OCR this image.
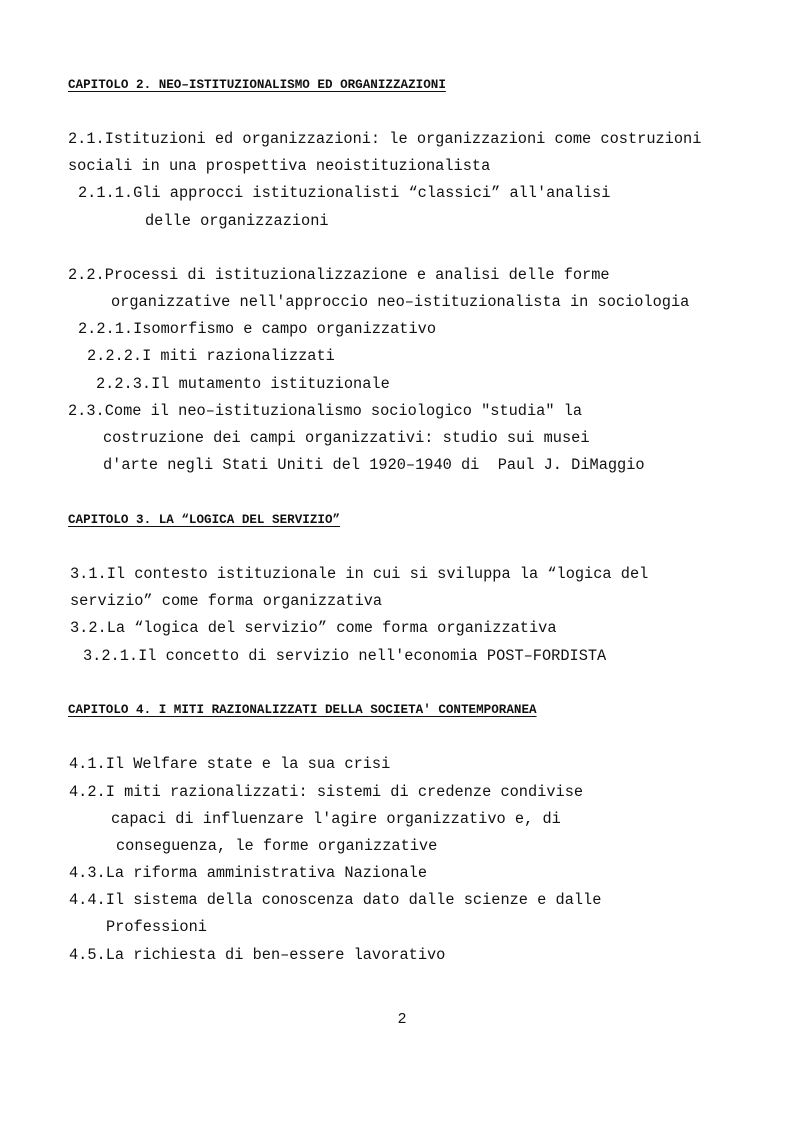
CAPITOLO 2. NEO–ISTITUZIONALISMO ED ORGANIZZAZIONI
2.1.Istituzioni ed organizzazioni: le organizzazioni come costruzioni
sociali in una prospettiva neoistituzionalista
2.1.1.Gli approcci istituzionalisti “classici” all'analisi
delle organizzazioni
2.2.Processi di istituzionalizzazione e analisi delle forme
organizzative nell'approccio neo–istituzionalista in sociologia
2.2.1.Isomorfismo e campo organizzativo
2.2.2.I miti razionalizzati
2.2.3.Il mutamento istituzionale
2.3.Come il neo–istituzionalismo sociologico "studia" la
costruzione dei campi organizzativi: studio sui musei
d'arte negli Stati Uniti del 1920–1940 di  Paul J. DiMaggio
CAPITOLO 3. LA “LOGICA DEL SERVIZIO”
3.1.Il contesto istituzionale in cui si sviluppa la “logica del
servizio” come forma organizzativa
3.2.La “logica del servizio” come forma organizzativa
3.2.1.Il concetto di servizio nell'economia POST–FORDISTA
CAPITOLO 4. I MITI RAZIONALIZZATI DELLA SOCIETA' CONTEMPORANEA
4.1.Il Welfare state e la sua crisi
4.2.I miti razionalizzati: sistemi di credenze condivise
capaci di influenzare l'agire organizzativo e, di
conseguenza, le forme organizzative
4.3.La riforma amministrativa Nazionale
4.4.Il sistema della conoscenza dato dalle scienze e dalle
Professioni
4.5.La richiesta di ben–essere lavorativo
2
